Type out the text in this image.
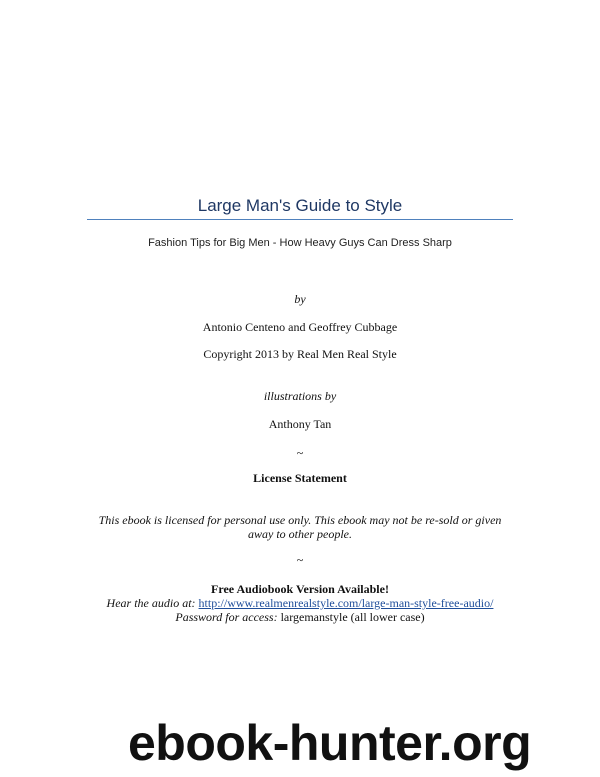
Large Man's Guide to Style
Fashion Tips for Big Men - How Heavy Guys Can Dress Sharp
by
Antonio Centeno and Geoffrey Cubbage
Copyright 2013 by Real Men Real Style
illustrations by
Anthony Tan
~
License Statement
This ebook is licensed for personal use only. This ebook may not be re-sold or given
away to other people.
~
Free Audiobook Version Available!
Hear the audio at: http://www.realmenrealstyle.com/large-man-style-free-audio/
Password for access: largemanstyle (all lower case)
ebook-hunter.org
